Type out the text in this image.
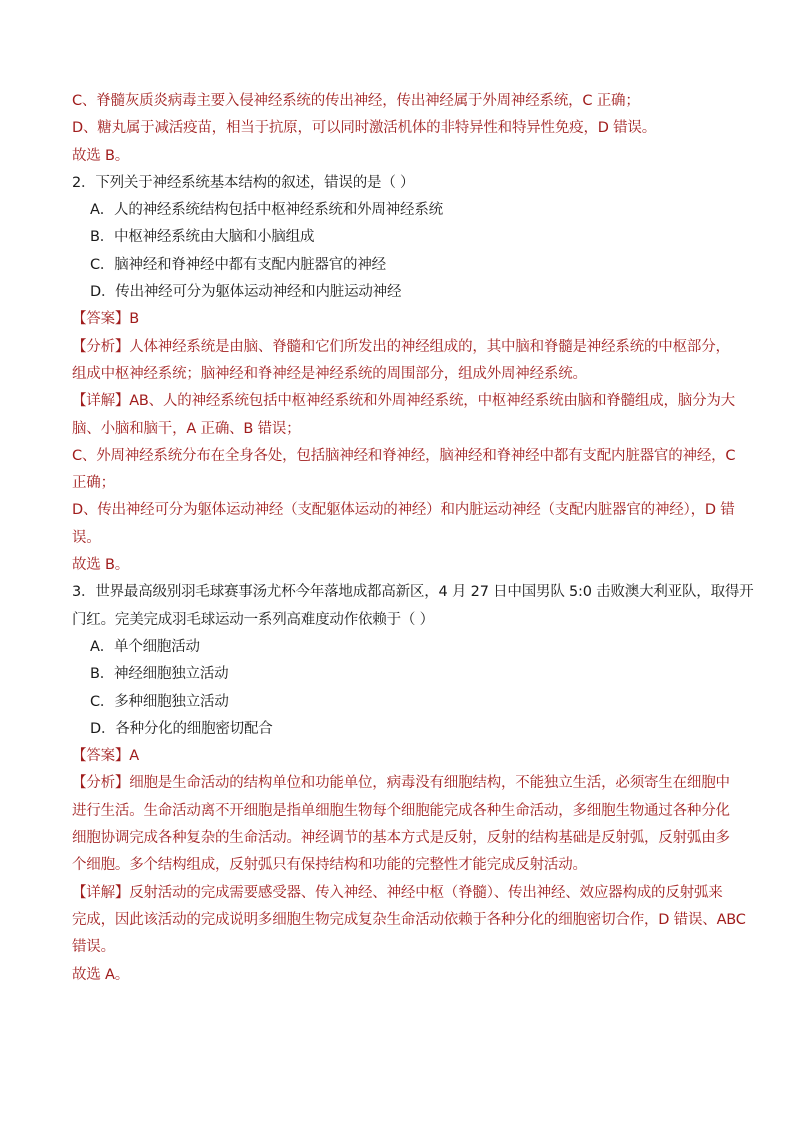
C、脊髓灰质炎病毒主要入侵神经系统的传出神经，传出神经属于外周神经系统，C 正确；
D、糖丸属于减活疫苗，相当于抗原，可以同时激活机体的非特异性和特异性免疫，D 错误。
故选 B。
2．下列关于神经系统基本结构的叙述，错误的是（ ）
A．人的神经系统结构包括中枢神经系统和外周神经系统
B．中枢神经系统由大脑和小脑组成
C．脑神经和脊神经中都有支配内脏器官的神经
D．传出神经可分为躯体运动神经和内脏运动神经
【答案】B
【分析】人体神经系统是由脑、脊髓和它们所发出的神经组成的，其中脑和脊髓是神经系统的中枢部分，
组成中枢神经系统；脑神经和脊神经是神经系统的周围部分，组成外周神经系统。
【详解】AB、人的神经系统包括中枢神经系统和外周神经系统，中枢神经系统由脑和脊髓组成，脑分为大
脑、小脑和脑干，A 正确、B 错误；
C、外周神经系统分布在全身各处，包括脑神经和脊神经，脑神经和脊神经中都有支配内脏器官的神经，C
正确；
D、传出神经可分为躯体运动神经（支配躯体运动的神经）和内脏运动神经（支配内脏器官的神经），D 错
误。
故选 B。
3．世界最高级别羽毛球赛事汤尤杯今年落地成都高新区，4 月 27 日中国男队 5:0 击败澳大利亚队，取得开
门红。完美完成羽毛球运动一系列高难度动作依赖于（ ）
A．单个细胞活动
B．神经细胞独立活动
C．多种细胞独立活动
D．各种分化的细胞密切配合
【答案】A
【分析】细胞是生命活动的结构单位和功能单位，病毒没有细胞结构，不能独立生活，必须寄生在细胞中
进行生活。生命活动离不开细胞是指单细胞生物每个细胞能完成各种生命活动，多细胞生物通过各种分化
细胞协调完成各种复杂的生命活动。神经调节的基本方式是反射，反射的结构基础是反射弧，反射弧由多
个细胞。多个结构组成，反射弧只有保持结构和功能的完整性才能完成反射活动。
【详解】反射活动的完成需要感受器、传入神经、神经中枢（脊髓）、传出神经、效应器构成的反射弧来
完成，因此该活动的完成说明多细胞生物完成复杂生命活动依赖于各种分化的细胞密切合作，D 错误、ABC
错误。
故选 A。
